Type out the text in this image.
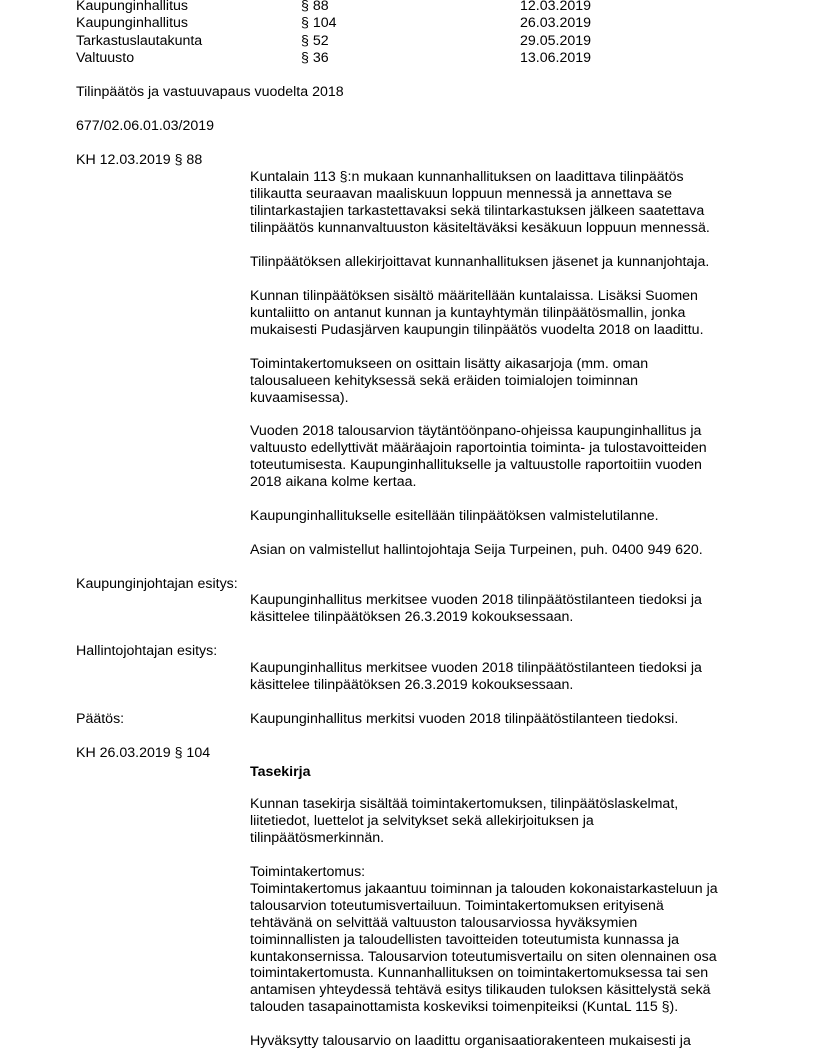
Kaupunginhallitus	§ 88	12.03.2019
Kaupunginhallitus	§ 104	26.03.2019
Tarkastuslautakunta	§ 52	29.05.2019
Valtuusto	§ 36	13.06.2019
Tilinpäätös ja vastuuvapaus vuodelta 2018
677/02.06.01.03/2019
KH 12.03.2019 § 88

Kuntalain 113 §:n mukaan kunnanhallituksen on laadittava tilinpäätös

tilikautta seuraavan maaliskuun loppuun mennessä ja annettava se

tilintarkastajien tarkastettavaksi sekä tilintarkastuksen jälkeen saatettava

tilinpäätös kunnanvaltuuston käsiteltäväksi kesäkuun loppuun mennessä.

Tilinpäätöksen allekirjoittavat kunnanhallituksen jäsenet ja kunnanjohtaja.

Kunnan tilinpäätöksen sisältö määritellään kuntalaissa. Lisäksi Suomen

kuntaliitto on antanut kunnan ja kuntayhtymän tilinpäätösmallin, jonka

mukaisesti Pudasjärven kaupungin tilinpäätös vuodelta 2018 on laadittu.

Toimintakertomukseen on osittain lisätty aikasarjoja (mm. oman

talousalueen kehityksessä sekä eräiden toimialojen toiminnan

kuvaamisessa).

Vuoden 2018 talousarvion täytäntöönpano-ohjeissa kaupunginhallitus ja

valtuusto edellyttivät määräajoin raportointia toiminta- ja tulostavoitteiden

toteutumisesta. Kaupunginhallitukselle ja valtuustolle raportoitiin vuoden

2018 aikana kolme kertaa.

Kaupunginhallitukselle esitellään tilinpäätöksen valmistelutilanne.

Asian on valmistellut hallintojohtaja Seija Turpeinen, puh. 0400 949 620.

Kaupunginjohtajan esitys:

Kaupunginhallitus merkitsee vuoden 2018 tilinpäätöstilanteen tiedoksi ja

käsittelee tilinpäätöksen 26.3.2019 kokouksessaan.

Hallintojohtajan esitys:

Kaupunginhallitus merkitsee vuoden 2018 tilinpäätöstilanteen tiedoksi ja

käsittelee tilinpäätöksen 26.3.2019 kokouksessaan.

Päätös:	Kaupunginhallitus merkitsi vuoden 2018 tilinpäätöstilanteen tiedoksi.
KH 26.03.2019 § 104
Tasekirja

Kunnan tasekirja sisältää toimintakertomuksen, tilinpäätöslaskelmat,

liitetiedot, luettelot ja selvitykset sekä allekirjoituksen ja

tilinpäätösmerkinnän.

Toimintakertomus:

Toimintakertomus jakaantuu toiminnan ja talouden kokonaistarkasteluun ja

talousarvion toteutumisvertailuun. Toimintakertomuksen erityisenä

tehtävänä on selvittää valtuuston talousarviossa hyväksymien

toiminnallisten ja taloudellisten tavoitteiden toteutumista kunnassa ja

kuntakonsernissa. Talousarvion toteutumisvertailu on siten olennainen osa

toimintakertomusta. Kunnanhallituksen on toimintakertomuksessa tai sen

antamisen yhteydessä tehtävä esitys tilikauden tuloksen käsittelystä sekä

talouden tasapainottamista koskeviksi toimenpiteiksi (KuntaL 115 §).

Hyväksytty talousarvio on laadittu organisaatiorakenteen mukaisesti ja
